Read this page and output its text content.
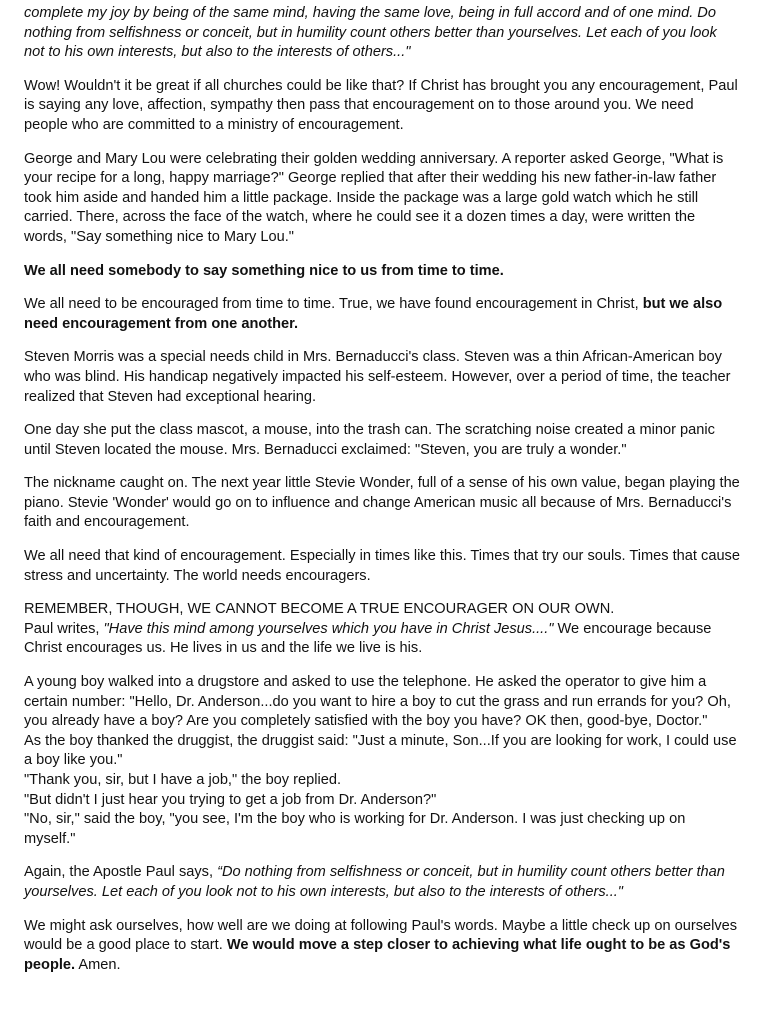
complete my joy by being of the same mind, having the same love, being in full accord and of one mind. Do nothing from selfishness or conceit, but in humility count others better than yourselves. Let each of you look not to his own interests, but also to the interests of others..."

Wow! Wouldn't it be great if all churches could be like that? If Christ has brought you any encouragement, Paul is saying any love, affection, sympathy then pass that encouragement on to those around you. We need people who are committed to a ministry of encouragement.

George and Mary Lou were celebrating their golden wedding anniversary. A reporter asked George, "What is your recipe for a long, happy marriage?" George replied that after their wedding his new father-in-law father took him aside and handed him a little package. Inside the package was a large gold watch which he still carried. There, across the face of the watch, where he could see it a dozen times a day, were written the words, "Say something nice to Mary Lou."

We all need somebody to say something nice to us from time to time.

We all need to be encouraged from time to time. True, we have found encouragement in Christ, but we also need encouragement from one another.

Steven Morris was a special needs child in Mrs. Bernaducci's class. Steven was a thin African-American boy who was blind. His handicap negatively impacted his self-esteem. However, over a period of time, the teacher realized that Steven had exceptional hearing.

One day she put the class mascot, a mouse, into the trash can. The scratching noise created a minor panic until Steven located the mouse. Mrs. Bernaducci exclaimed: "Steven, you are truly a wonder."

The nickname caught on. The next year little Stevie Wonder, full of a sense of his own value, began playing the piano. Stevie 'Wonder' would go on to influence and change American music all because of Mrs. Bernaducci's faith and encouragement.

We all need that kind of encouragement. Especially in times like this. Times that try our souls. Times that cause stress and uncertainty. The world needs encouragers.

REMEMBER, THOUGH, WE CANNOT BECOME A TRUE ENCOURAGER ON OUR OWN.
Paul writes, "Have this mind among yourselves which you have in Christ Jesus...." We encourage because Christ encourages us. He lives in us and the life we live is his.

A young boy walked into a drugstore and asked to use the telephone. He asked the operator to give him a certain number: "Hello, Dr. Anderson...do you want to hire a boy to cut the grass and run errands for you? Oh, you already have a boy? Are you completely satisfied with the boy you have? OK then, good-bye, Doctor."
As the boy thanked the druggist, the druggist said: "Just a minute, Son...If you are looking for work, I could use a boy like you."
"Thank you, sir, but I have a job," the boy replied.
"But didn't I just hear you trying to get a job from Dr. Anderson?"
"No, sir," said the boy, "you see, I'm the boy who is working for Dr. Anderson. I was just checking up on myself."

Again, the Apostle Paul says, “Do nothing from selfishness or conceit, but in humility count others better than yourselves. Let each of you look not to his own interests, but also to the interests of others..."

We might ask ourselves, how well are we doing at following Paul's words. Maybe a little check up on ourselves would be a good place to start. We would move a step closer to achieving what life ought to be as God's people. Amen.
